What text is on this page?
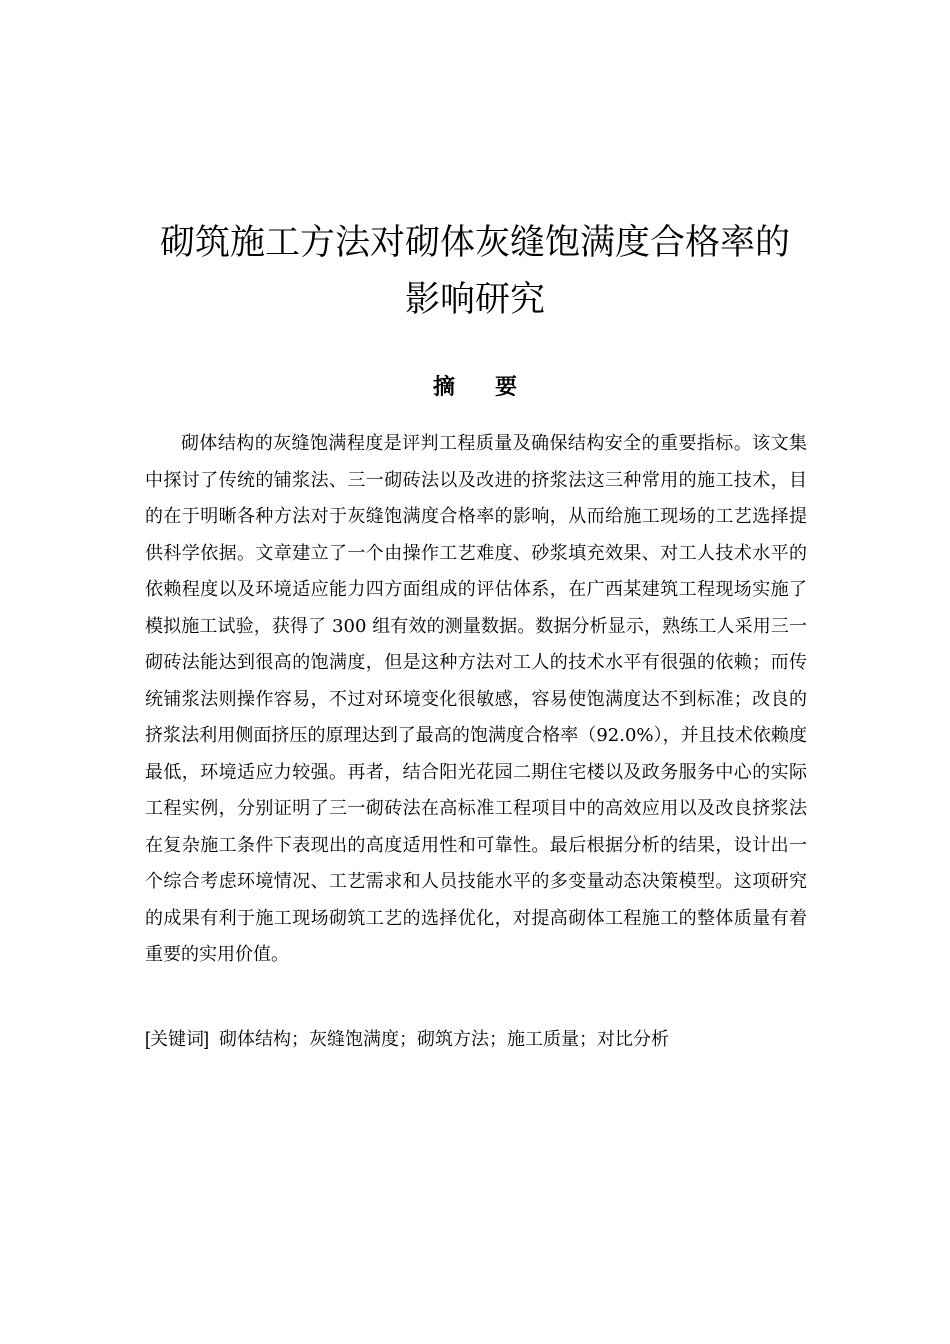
砌筑施工方法对砌体灰缝饱满度合格率的
影响研究
摘要

砌体结构的灰缝饱满程度是评判工程质量及确保结构安全的重要指标。该文集中探讨了传统的铺浆法、三一砌砖法以及改进的挤浆法这三种常用的施工技术，目的在于明晰各种方法对于灰缝饱满度合格率的影响，从而给施工现场的工艺选择提供科学依据。文章建立了一个由操作工艺难度、砂浆填充效果、对工人技术水平的依赖程度以及环境适应能力四方面组成的评估体系，在广西某建筑工程现场实施了模拟施工试验，获得了 300 组有效的测量数据。数据分析显示，熟练工人采用三一砌砖法能达到很高的饱满度，但是这种方法对工人的技术水平有很强的依赖；而传统铺浆法则操作容易，不过对环境变化很敏感，容易使饱满度达不到标准；改良的挤浆法利用侧面挤压的原理达到了最高的饱满度合格率（92.0%），并且技术依赖度最低，环境适应力较强。再者，结合阳光花园二期住宅楼以及政务服务中心的实际工程实例，分别证明了三一砌砖法在高标准工程项目中的高效应用以及改良挤浆法在复杂施工条件下表现出的高度适用性和可靠性。最后根据分析的结果，设计出一个综合考虑环境情况、工艺需求和人员技能水平的多变量动态决策模型。这项研究的成果有利于施工现场砌筑工艺的选择优化，对提高砌体工程施工的整体质量有着重要的实用价值。

[关键词] 砌体结构；灰缝饱满度；砌筑方法；施工质量；对比分析
